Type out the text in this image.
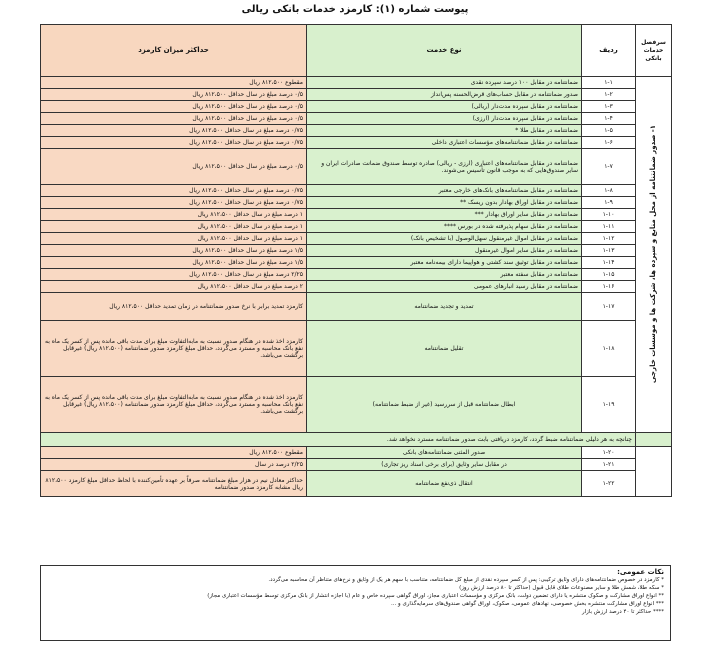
پیوست شماره (۱): کارمزد خدمات بانکی ریالی
سرفصل خدمات بانکی	ردیف	نوع خدمت	حداکثر میزان کارمزد

۱- صدور ضمانتنامه از محل منابع و سپرده ها، شرکت ها و موسسات خارجی	۱-۱	ضمانتنامه در مقابل ۱۰۰ درصد سپرده نقدی	مقطوع ۸۱۲،۵۰۰ ریال
	۱-۲	صدور ضمانتنامه در مقابل حساب‌های قرض‌الحسنه پس‌انداز	۰/۵ درصد مبلغ در سال حداقل ۸۱۲،۵۰۰ ریال
	۱-۳	ضمانتنامه در مقابل سپرده مدت‌دار (ریالی)	۰/۵ درصد مبلغ در سال حداقل ۸۱۲،۵۰۰ ریال
	۱-۴	ضمانتنامه در مقابل سپرده مدت‌دار (ارزی)	۰/۵ درصد مبلغ در سال حداقل ۸۱۲،۵۰۰ ریال
	۱-۵	ضمانتنامه در مقابل طلا *	۰/۷۵ درصد مبلغ در سال حداقل ۸۱۲،۵۰۰ ریال
	۱-۶	ضمانتنامه در مقابل ضمانتنامه‌های مؤسسات اعتباری داخلی	۰/۷۵ درصد مبلغ در سال حداقل ۸۱۲،۵۰۰ ریال
	۱-۷	ضمانتنامه در مقابل ضمانتنامه‌های اعتباری (ارزی - ریالی) صادره توسط صندوق ضمانت صادرات ایران و سایر صندوق‌هایی که به موجب قانون تأسیس می‌شوند.	۰/۵ درصد مبلغ در سال حداقل ۸۱۲،۵۰۰ ریال
	۱-۸	ضمانتنامه در مقابل ضمانتنامه‌های بانک‌های خارجی معتبر	۰/۷۵ درصد مبلغ در سال حداقل ۸۱۲،۵۰۰ ریال
	۱-۹	ضمانتنامه در مقابل اوراق بهادار بدون ریسک **	۰/۷۵ درصد مبلغ در سال حداقل ۸۱۲،۵۰۰ ریال
	۱-۱۰	ضمانتنامه در مقابل سایر اوراق بهادار ***	۱ درصد مبلغ در سال حداقل ۸۱۲،۵۰۰ ریال
	۱-۱۱	ضمانتنامه در مقابل سهام پذیرفته شده در بورس ****	۱ درصد مبلغ در سال حداقل ۸۱۲،۵۰۰ ریال
	۱-۱۲	ضمانتنامه در مقابل اموال غیرمنقول سهل‌الوصول (با تشخیص بانک)	۱ درصد مبلغ در سال حداقل ۸۱۲،۵۰۰ ریال
	۱-۱۳	ضمانتنامه در مقابل سایر اموال غیرمنقول	۱/۵ درصد مبلغ در سال حداقل ۸۱۲،۵۰۰ ریال
	۱-۱۴	ضمانتنامه در مقابل توثیق سند کشتی و هواپیما دارای بیمه‌نامه معتبر	۱/۵ درصد مبلغ در سال حداقل ۸۱۲،۵۰۰ ریال
	۱-۱۵	ضمانتنامه در مقابل سفته معتبر	۲/۲۵ درصد مبلغ در سال حداقل ۸۱۲،۵۰۰ ریال
	۱-۱۶	ضمانتنامه در مقابل رسید انبارهای عمومی	۲ درصد مبلغ در سال حداقل ۸۱۲،۵۰۰ ریال
	۱-۱۷	تمدید و تجدید ضمانتنامه	کارمزد تمدید برابر با نرخ صدور ضمانتنامه در زمان تمدید حداقل ۸۱۲،۵۰۰ ریال
	۱-۱۸	تقلیل ضمانتنامه	کارمزد اخذ شده در هنگام صدور نسبت به مابه‌التفاوت مبلغ برای مدت باقی مانده پس از کسر یک ماه به نفع بانک محاسبه و مسترد می‌گردد، حداقل مبلغ کارمزد صدور ضمانتنامه (۸۱۲،۵۰۰ ریال) غیرقابل برگشت می‌باشد.
	۱-۱۹	ابطال ضمانتنامه قبل از سررسید (غیر از ضبط ضمانتنامه)	کارمزد اخذ شده در هنگام صدور نسبت به مابه‌التفاوت مبلغ برای مدت باقی مانده پس از کسر یک ماه به نفع بانک محاسبه و مسترد می‌گردد، حداقل مبلغ کارمزد صدور ضمانتنامه (۸۱۲،۵۰۰ ریال) غیرقابل برگشت می‌باشد.
	چنانچه به هر دلیلی ضمانتنامه ضبط گردد، کارمزد دریافتی بابت صدور ضمانتنامه مسترد نخواهد شد.		
	۱-۲۰	صدور المثنی ضمانتنامه‌های بانکی	مقطوع ۸۱۲،۵۰۰ ریال
	۱-۲۱	در مقابل سایر وثایق (برای برخی اسناد ریز تجاری)	۲/۲۵ درصد در سال
	۱-۲۲	انتقال ذی‌نفع ضمانتنامه	حداکثر معادل نیم در هزار مبلغ ضمانتنامه صرفاً بر عهده تأمین‌کننده با لحاظ حداقل مبلغ کارمزد ۸۱۲،۵۰۰ ریال مشابه کارمزد صدور ضمانتنامه
نکات عمومی:
* کارمزد در خصوص ضمانتنامه‌های دارای وثایق ترکیبی: پس از کسر سپرده نقدی از مبلغ کل ضمانتنامه، متناسب با سهم هر یک از وثایق و نرخ‌های متناظر آن محاسبه می‌گردد.
* سکه طلا، شمش طلا و سایر مصنوعات طلای قابل قبول (حداکثر تا ۸۰ درصد ارزش روز)
** انواع اوراق مشارکت و صکوک منتشره یا دارای تضمین دولت، بانک مرکزی و مؤسسات اعتباری مجاز، اوراق گواهی سپرده خاص و عام (با اجازه انتشار از بانک مرکزی توسط مؤسسات اعتباری مجاز)
*** انواع اوراق مشارکت منتشره بخش خصوصی، نهادهای عمومی، صکوک، اوراق گواهی صندوق‌های سرمایه‌گذاری و ...
**** حداکثر تا ۴۰ درصد ارزش بازار
